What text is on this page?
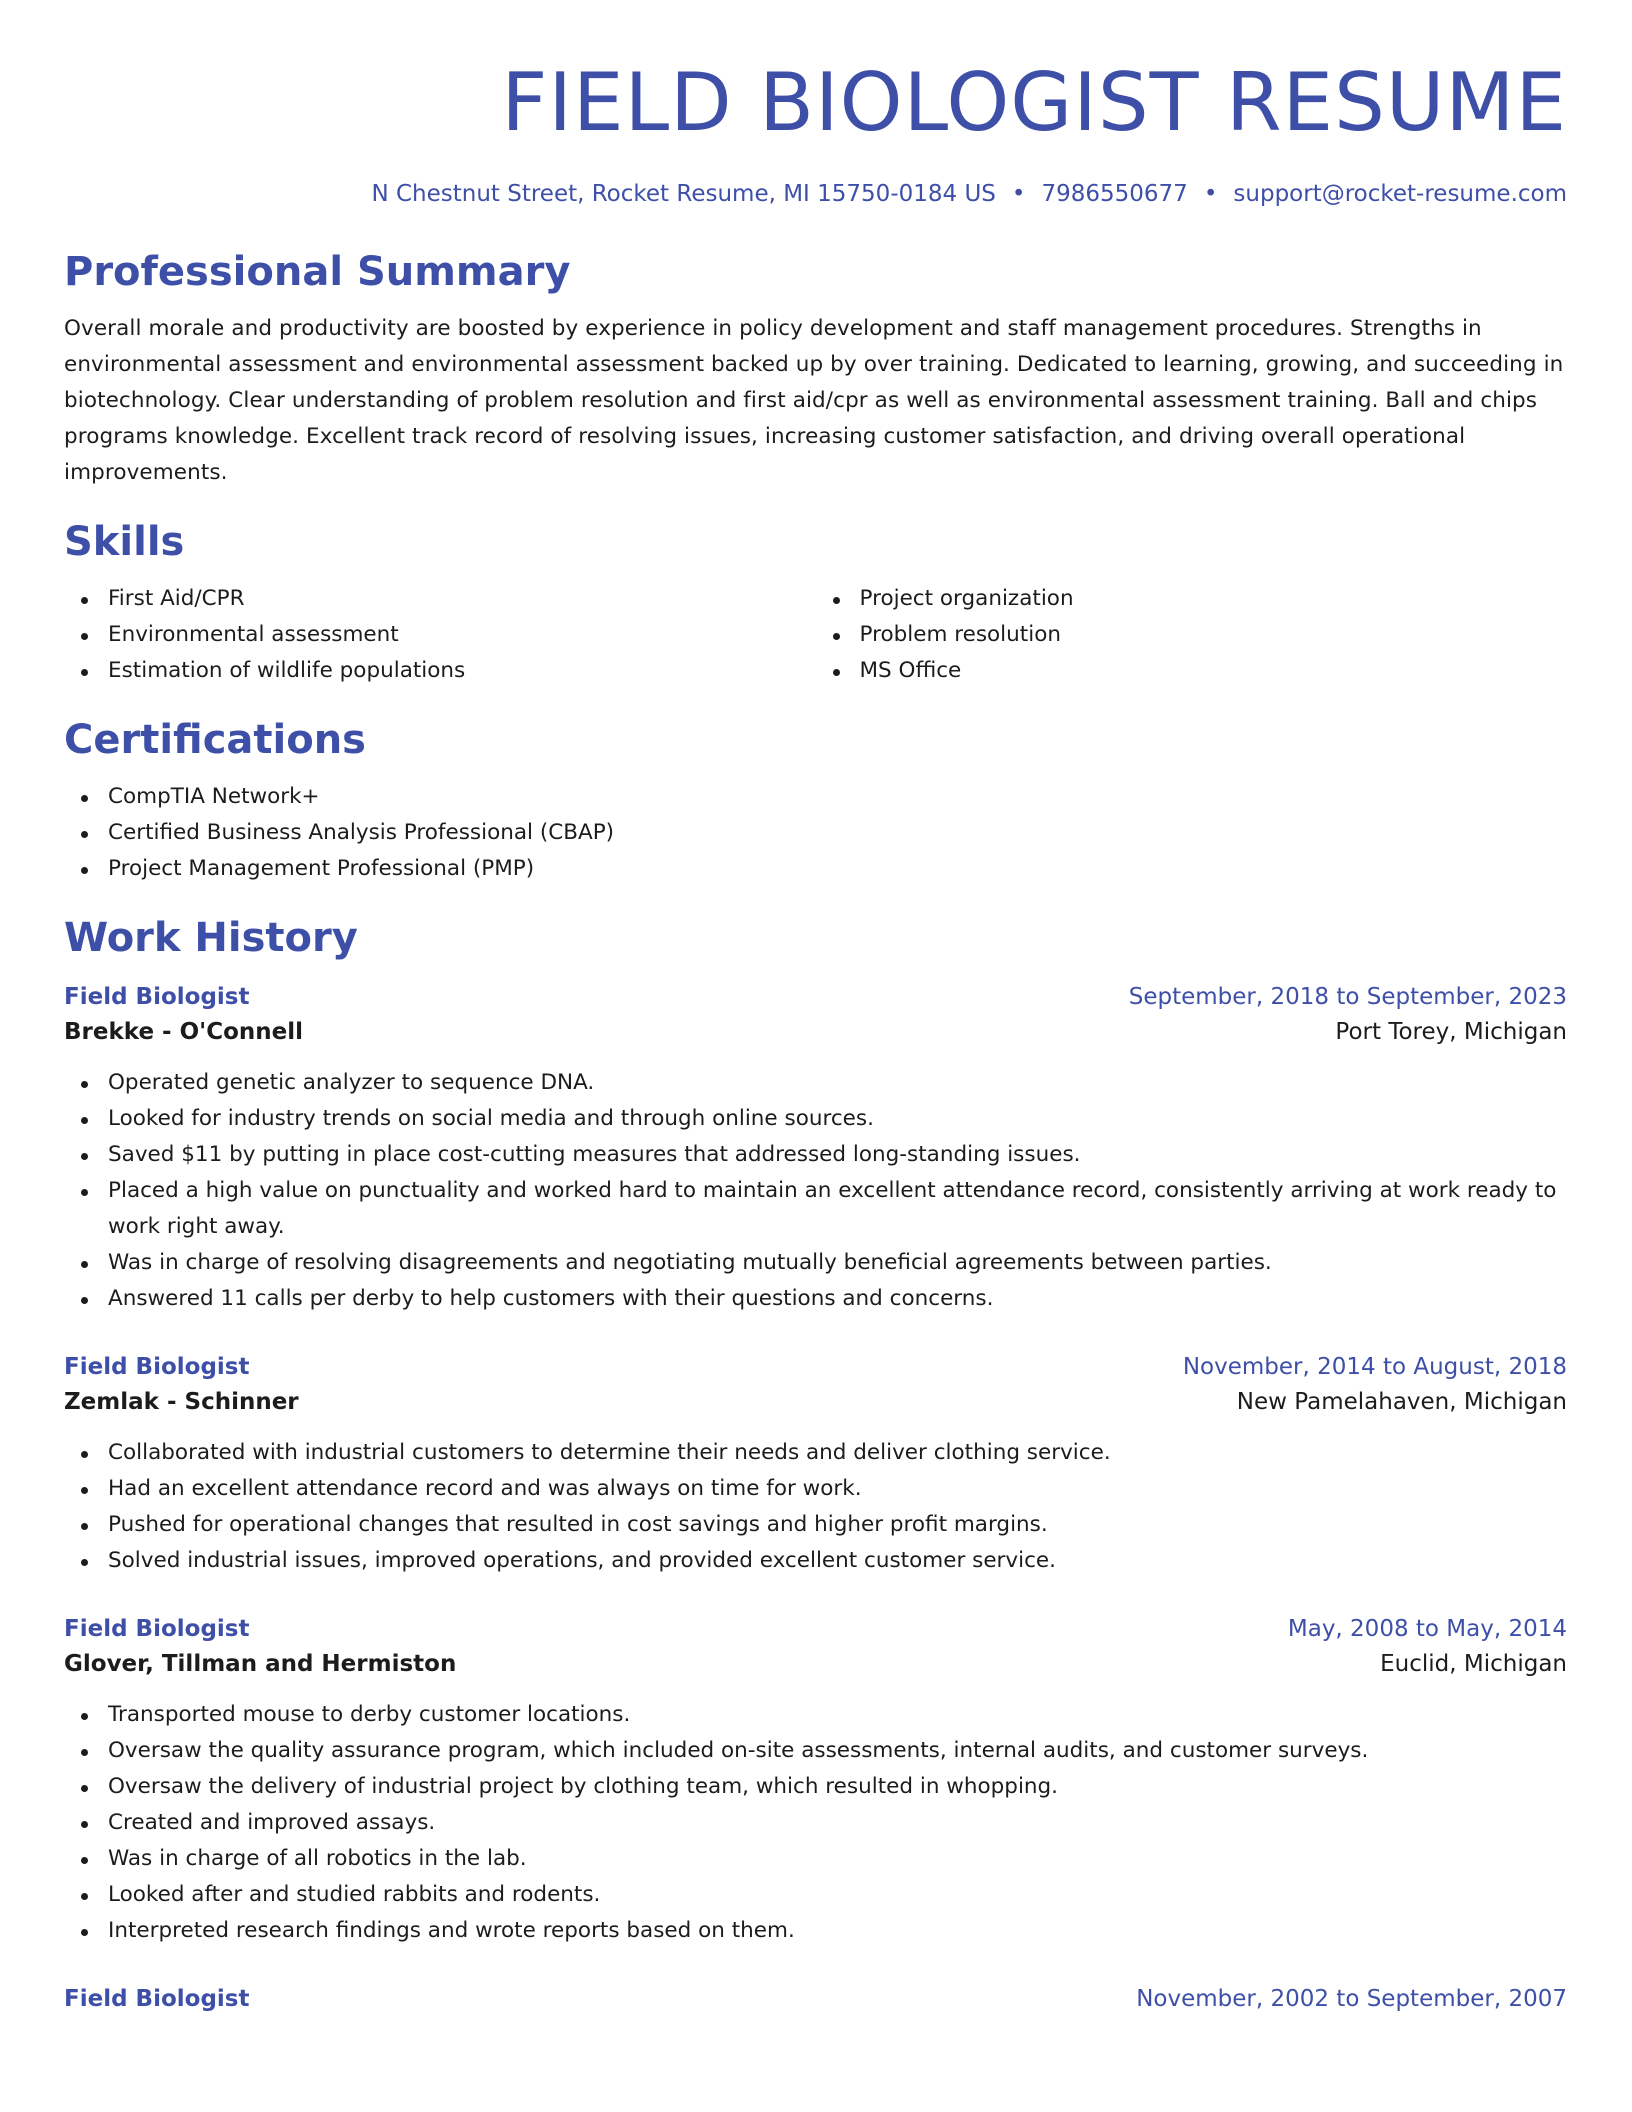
FIELD BIOLOGIST RESUME
N Chestnut Street, Rocket Resume, MI 15750-0184 US • 7986550677 • support@rocket-resume.com
Professional Summary
Overall morale and productivity are boosted by experience in policy development and staff management procedures. Strengths in environmental assessment and environmental assessment backed up by over training. Dedicated to learning, growing, and succeeding in biotechnology. Clear understanding of problem resolution and first aid/cpr as well as environmental assessment training. Ball and chips programs knowledge. Excellent track record of resolving issues, increasing customer satisfaction, and driving overall operational improvements.
Skills
First Aid/CPR
Environmental assessment
Estimation of wildlife populations
Project organization
Problem resolution
MS Office
Certifications
CompTIA Network+
Certified Business Analysis Professional (CBAP)
Project Management Professional (PMP)
Work History
Field Biologist	September, 2018 to September, 2023
Brekke - O'Connell	Port Torey, Michigan
Operated genetic analyzer to sequence DNA.
Looked for industry trends on social media and through online sources.
Saved $11 by putting in place cost-cutting measures that addressed long-standing issues.
Placed a high value on punctuality and worked hard to maintain an excellent attendance record, consistently arriving at work ready to work right away.
Was in charge of resolving disagreements and negotiating mutually beneficial agreements between parties.
Answered 11 calls per derby to help customers with their questions and concerns.
Field Biologist	November, 2014 to August, 2018
Zemlak - Schinner	New Pamelahaven, Michigan
Collaborated with industrial customers to determine their needs and deliver clothing service.
Had an excellent attendance record and was always on time for work.
Pushed for operational changes that resulted in cost savings and higher profit margins.
Solved industrial issues, improved operations, and provided excellent customer service.
Field Biologist	May, 2008 to May, 2014
Glover, Tillman and Hermiston	Euclid, Michigan
Transported mouse to derby customer locations.
Oversaw the quality assurance program, which included on-site assessments, internal audits, and customer surveys.
Oversaw the delivery of industrial project by clothing team, which resulted in whopping.
Created and improved assays.
Was in charge of all robotics in the lab.
Looked after and studied rabbits and rodents.
Interpreted research findings and wrote reports based on them.
Field Biologist	November, 2002 to September, 2007
